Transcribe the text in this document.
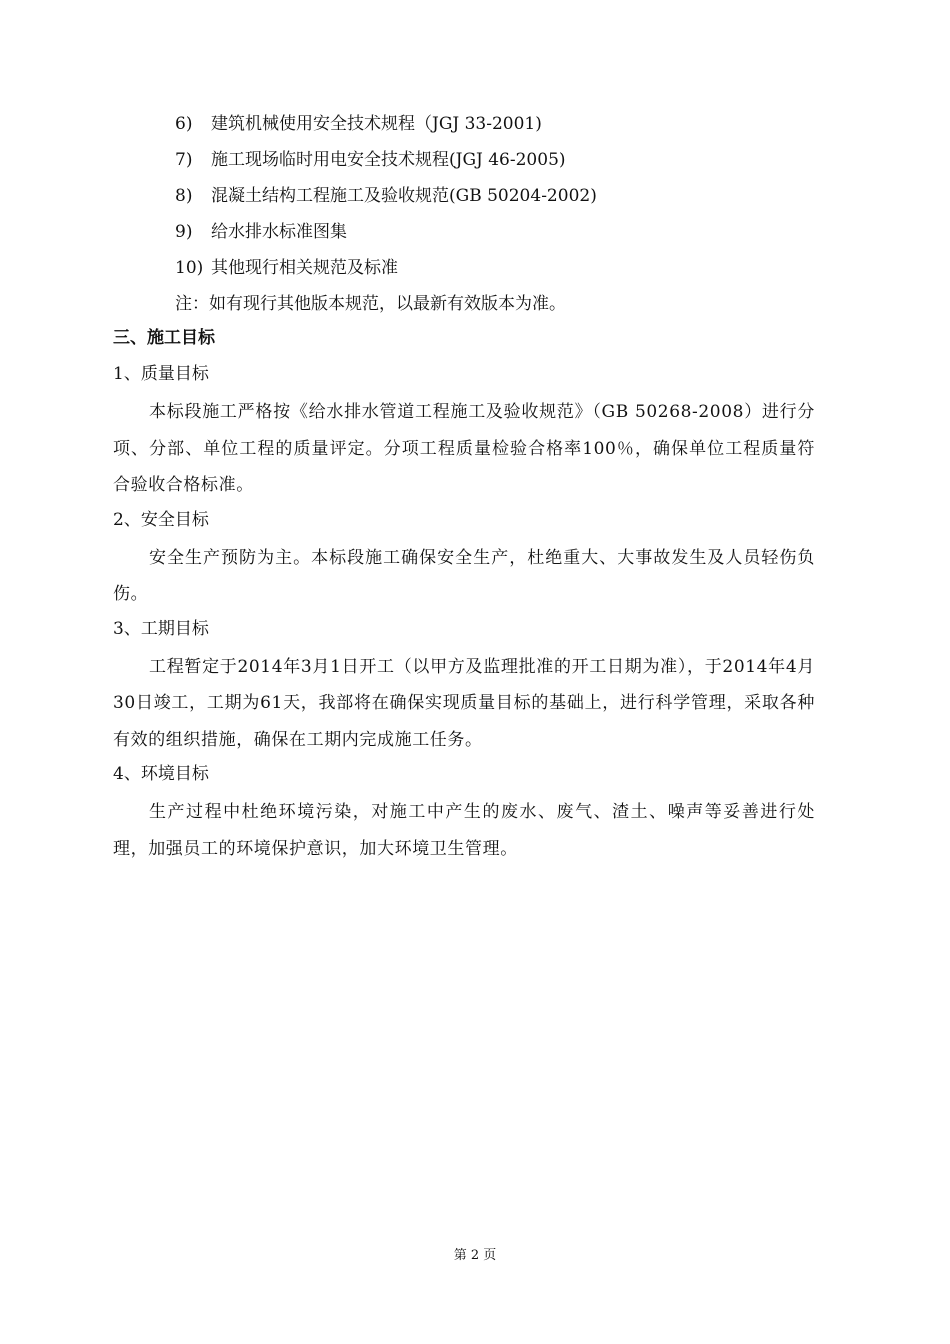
6) 建筑机械使用安全技术规程（JGJ 33-2001)
7) 施工现场临时用电安全技术规程(JGJ 46-2005)
8) 混凝土结构工程施工及验收规范(GB 50204-2002)
9) 给水排水标准图集
10) 其他现行相关规范及标准
注：如有现行其他版本规范，以最新有效版本为准。
三、施工目标
1、质量目标
本标段施工严格按《给水排水管道工程施工及验收规范》（GB 50268-2008）进行分项、分部、单位工程的质量评定。分项工程质量检验合格率100％，确保单位工程质量符合验收合格标准。
2、安全目标
安全生产预防为主。本标段施工确保安全生产，杜绝重大、大事故发生及人员轻伤负伤。
3、工期目标
工程暂定于2014年3月1日开工（以甲方及监理批准的开工日期为准），于2014年4月30日竣工，工期为61天，我部将在确保实现质量目标的基础上，进行科学管理，采取各种有效的组织措施，确保在工期内完成施工任务。
4、环境目标
生产过程中杜绝环境污染，对施工中产生的废水、废气、渣土、噪声等妥善进行处理，加强员工的环境保护意识，加大环境卫生管理。
第 2 页
